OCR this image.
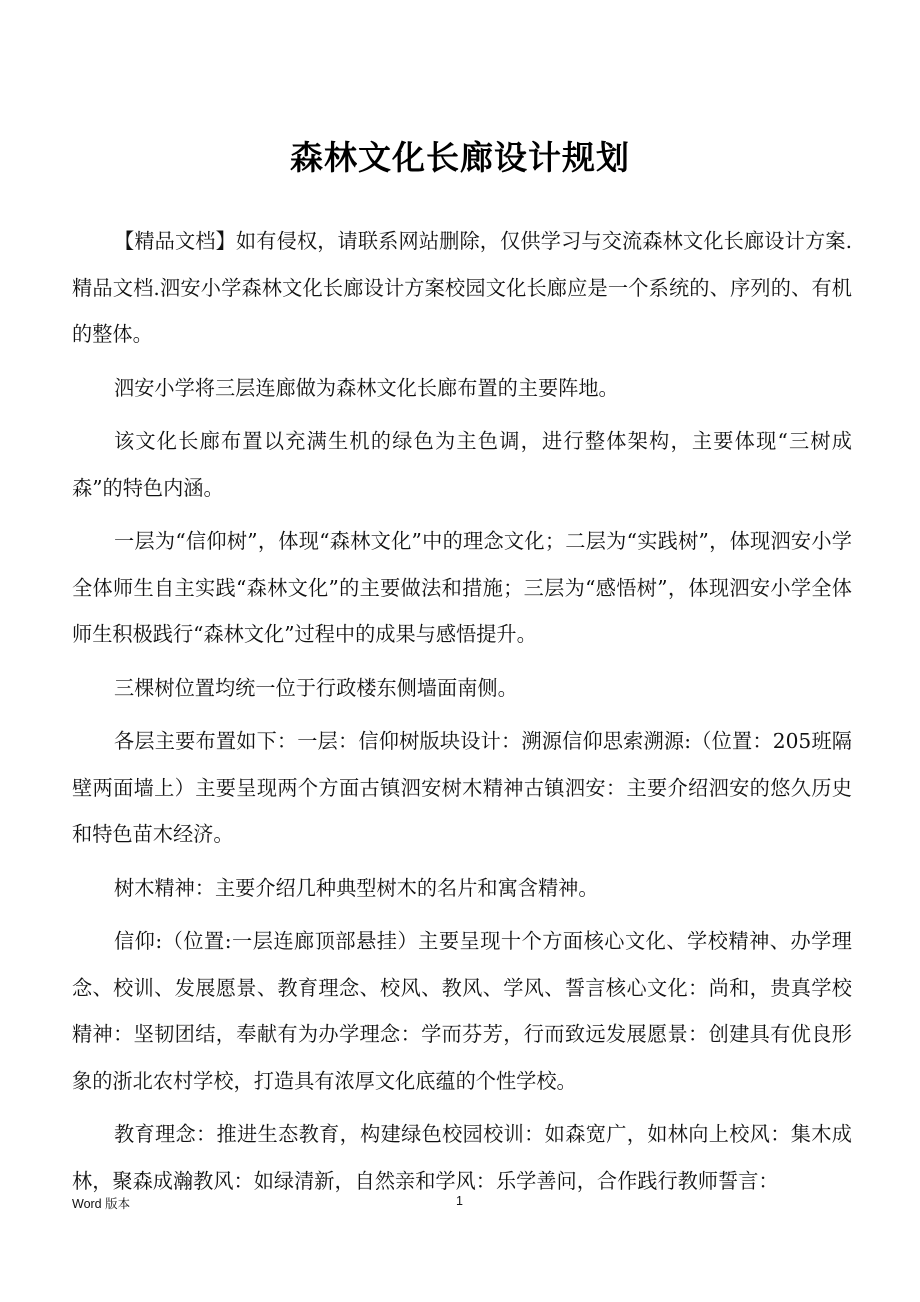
森林文化长廊设计规划

【精品文档】如有侵权，请联系网站删除，仅供学习与交流森林文化长廊设计方案.精品文档.泗安小学森林文化长廊设计方案校园文化长廊应是一个系统的、序列的、有机的整体。

泗安小学将三层连廊做为森林文化长廊布置的主要阵地。

该文化长廊布置以充满生机的绿色为主色调，进行整体架构，主要体现“三树成森”的特色内涵。

一层为“信仰树”，体现“森林文化”中的理念文化；二层为“实践树”，体现泗安小学全体师生自主实践“森林文化”的主要做法和措施；三层为“感悟树”，体现泗安小学全体师生积极践行“森林文化”过程中的成果与感悟提升。

三棵树位置均统一位于行政楼东侧墙面南侧。

各层主要布置如下：一层：信仰树版块设计：溯源信仰思索溯源:（位置：205班隔壁两面墙上）主要呈现两个方面古镇泗安树木精神古镇泗安：主要介绍泗安的悠久历史和特色苗木经济。

树木精神：主要介绍几种典型树木的名片和寓含精神。

信仰:（位置:一层连廊顶部悬挂）主要呈现十个方面核心文化、学校精神、办学理念、校训、发展愿景、教育理念、校风、教风、学风、誓言核心文化：尚和，贵真学校精神：坚韧团结，奉献有为办学理念：学而芬芳，行而致远发展愿景：创建具有优良形象的浙北农村学校，打造具有浓厚文化底蕴的个性学校。

教育理念：推进生态教育，构建绿色校园校训：如森宽广，如林向上校风：集木成林，聚森成瀚教风：如绿清新，自然亲和学风：乐学善问，合作践行教师誓言：

Word 版本	1
